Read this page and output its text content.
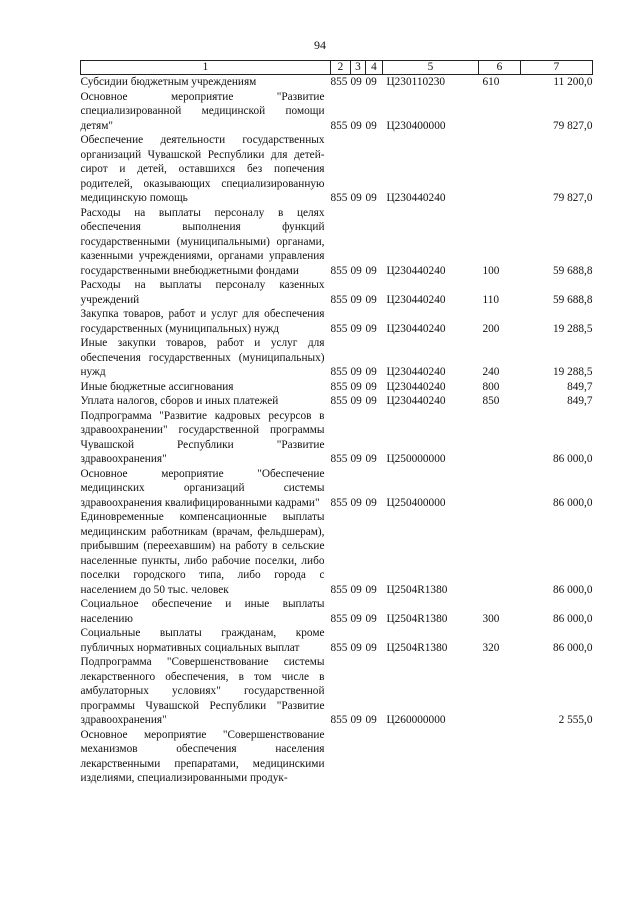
94
1	2	3	4	5	6	7
Субсидии бюджетным учреждениям	855	09	09	Ц230110230	610	11 200,0
Основное мероприятие "Развитие специализированной медицинской помощи детям"	855	09	09	Ц230400000		79 827,0
Обеспечение деятельности государственных организаций Чувашской Республики для детей-сирот и детей, оставшихся без попечения родителей, оказывающих специализированную медицинскую помощь	855	09	09	Ц230440240		79 827,0
Расходы на выплаты персоналу в целях обеспечения выполнения функций государственными (муниципальными) органами, казенными учреждениями, органами управления государственными внебюджетными фондами	855	09	09	Ц230440240	100	59 688,8
Расходы на выплаты персоналу казенных учреждений	855	09	09	Ц230440240	110	59 688,8
Закупка товаров, работ и услуг для обеспечения государственных (муниципальных) нужд	855	09	09	Ц230440240	200	19 288,5
Иные закупки товаров, работ и услуг для обеспечения государственных (муниципальных) нужд	855	09	09	Ц230440240	240	19 288,5
Иные бюджетные ассигнования	855	09	09	Ц230440240	800	849,7
Уплата налогов, сборов и иных платежей	855	09	09	Ц230440240	850	849,7
Подпрограмма "Развитие кадровых ресурсов в здравоохранении" государственной программы Чувашской Республики "Развитие здравоохранения"	855	09	09	Ц250000000		86 000,0
Основное мероприятие "Обеспечение медицинских организаций системы здравоохранения квалифицированными кадрами"	855	09	09	Ц250400000		86 000,0
Единовременные компенсационные выплаты медицинским работникам (врачам, фельдшерам), прибывшим (переехавшим) на работу в сельские населенные пункты, либо рабочие поселки, либо поселки городского типа, либо города с населением до 50 тыс. человек	855	09	09	Ц2504R1380		86 000,0
Социальное обеспечение и иные выплаты населению	855	09	09	Ц2504R1380	300	86 000,0
Социальные выплаты гражданам, кроме публичных нормативных социальных выплат	855	09	09	Ц2504R1380	320	86 000,0
Подпрограмма "Совершенствование системы лекарственного обеспечения, в том числе в амбулаторных условиях" государственной программы Чувашской Республики "Развитие здравоохранения"	855	09	09	Ц260000000		2 555,0
Основное мероприятие "Совершенствование механизмов обеспечения населения лекарственными препаратами, медицинскими изделиями, специализированными продук-						
